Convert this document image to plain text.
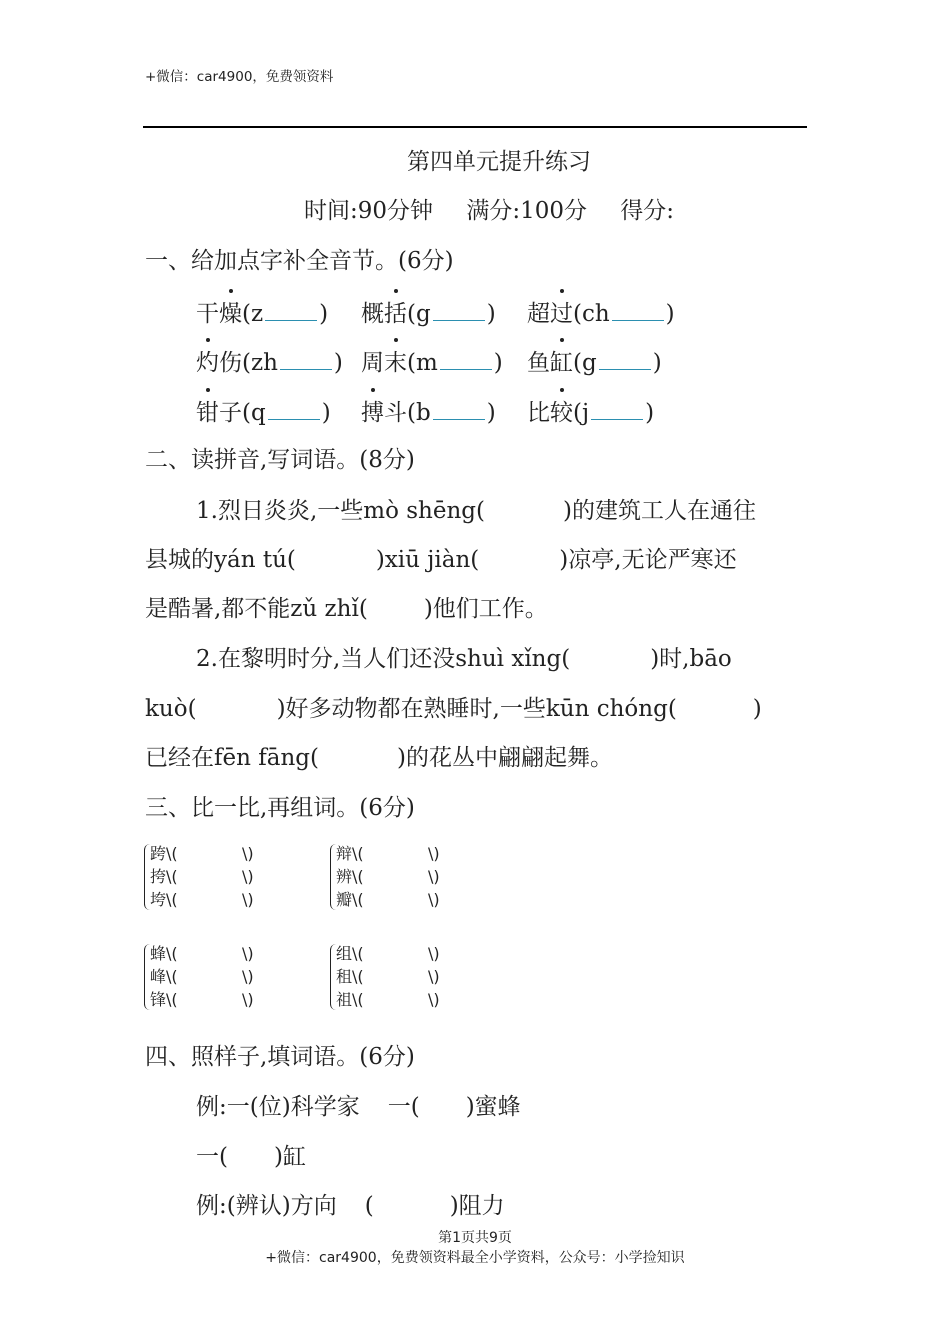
+微信：car4900，免费领资料
第四单元提升练习
时间:90分钟 满分:100分 得分:
一、给加点字补全音节。(6分)
干燥(z ) 概括(g ) 超过(ch )
灼伤(zh ) 周末(m ) 鱼缸(g )
钳子(q ) 搏斗(b ) 比较(j )
二、读拼音,写词语。(8分)
1.烈日炎炎,一些mò shēng(	)的建筑工人在通往
县城的yán tú(	)xiū jiàn(	)凉亭,无论严寒还
是酷暑,都不能zǔ zhǐ( )他们工作。
2.在黎明时分,当人们还没shuì xǐng(	)时,bāo
kuò(	)好多动物都在熟睡时,一些kūn chóng(	)
已经在fēn fāng(	)的花丛中翩翩起舞。
三、比一比,再组词。(6分)
跨\(	\)
挎\(	\)
垮\(	\)
辩\(	\)
辨\(	\)
瓣\(	\)
蜂\(	\)
峰\(	\)
锋\(	\)
组\(	\)
租\(	\)
祖\(	\)
四、照样子,填词语。(6分)
例:一(位)科学家 一( )蜜蜂
一( )缸
例:(辨认)方向 (	)阻力
第1页共9页
+微信：car4900，免费领资料最全小学资料，公众号：小学捡知识
